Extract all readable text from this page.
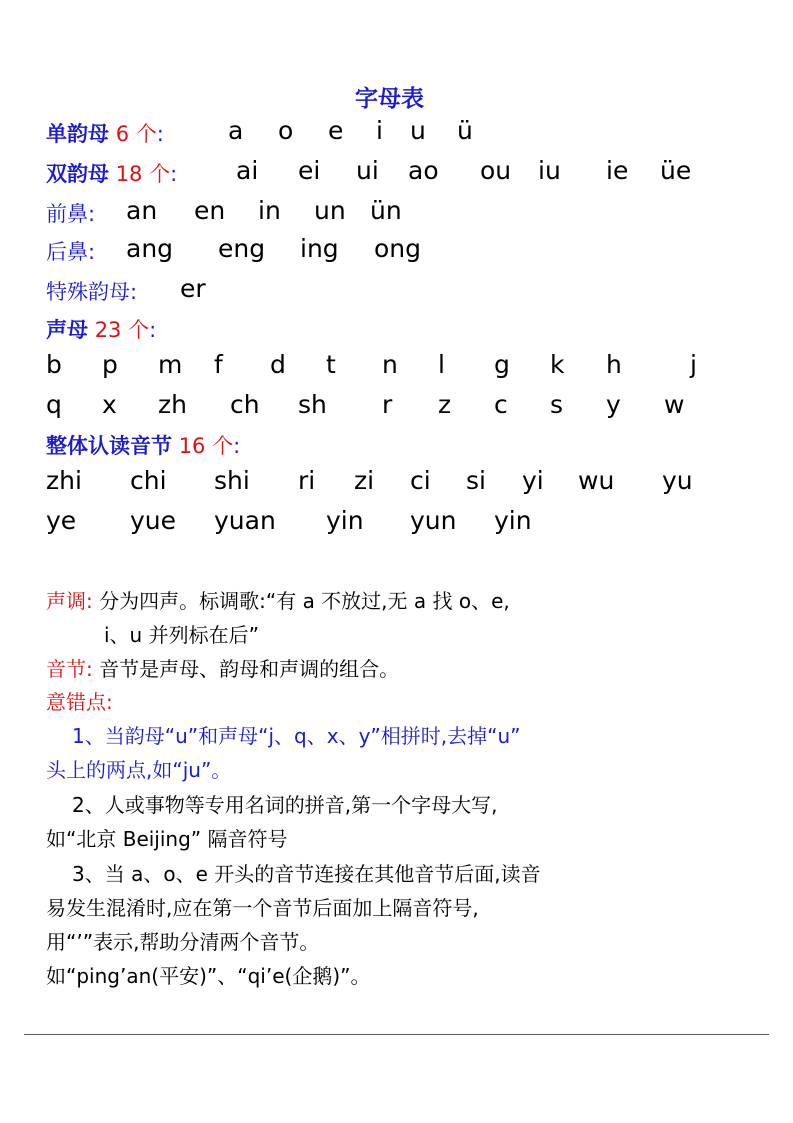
字母表
单韵母 6 个:	a o e i u ü
双韵母 18 个: ai ei ui ao ou iu ie üe
前鼻: an en in un ün
后鼻: ang eng ing ong
特殊韵母: er
声母 23 个:
b p m f d t n l g k h	j
q x zh ch sh r z c s y w
整体认读音节 16 个:
zhi chi shi ri zi ci si yi wu yu
ye yue yuan yin yun yin
声调: 分为四声。标调歌:“有 a 不放过,无 a 找 o、e,
i、u 并列标在后”
音节: 音节是声母、韵母和声调的组合。
意错点:
1、当韵母“u”和声母“j、q、x、y”相拼时,去掉“u”
头上的两点,如“ju”。
2、人或事物等专用名词的拼音,第一个字母大写,
如“北京 Beijing” 隔音符号
3、当 a、o、e 开头的音节连接在其他音节后面,读音
易发生混淆时,应在第一个音节后面加上隔音符号,
用“’”表示,帮助分清两个音节。
如“ping’an(平安)”、“qi’e(企鹅)”。
